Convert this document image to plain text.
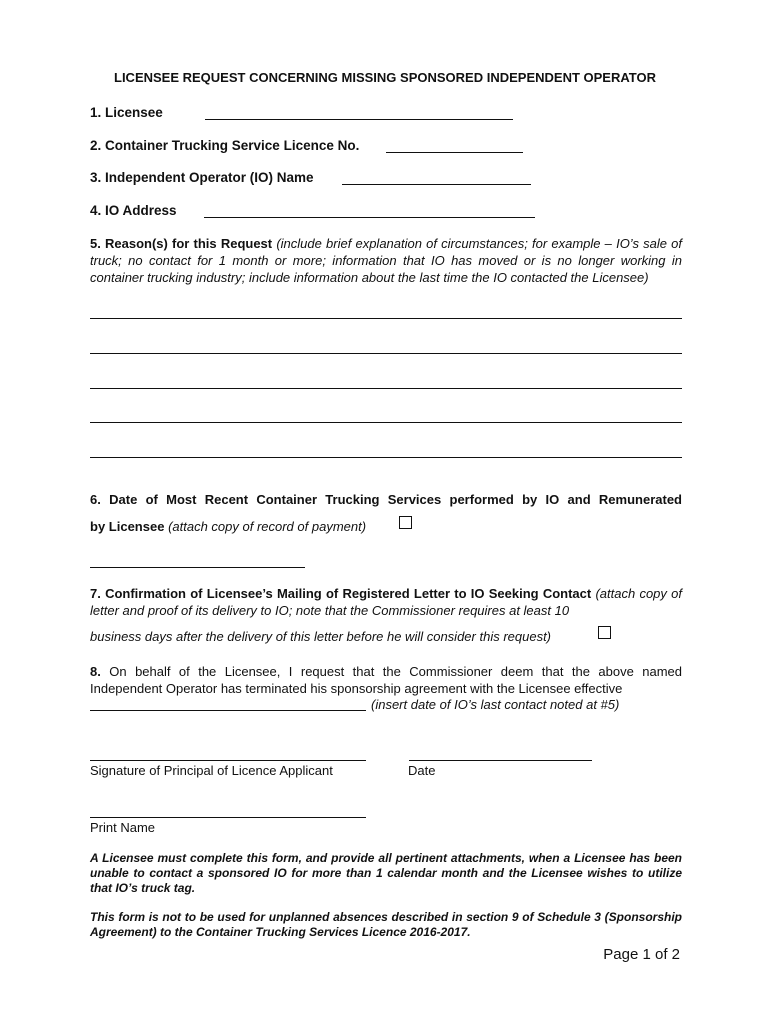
LICENSEE REQUEST CONCERNING MISSING SPONSORED INDEPENDENT OPERATOR
1. Licensee
2. Container Trucking Service Licence No.
3. Independent Operator (IO) Name
4. IO Address
5. Reason(s) for this Request (include brief explanation of circumstances; for example – IO’s sale of truck; no contact for 1 month or more; information that IO has moved or is no longer working in container trucking industry; include information about the last time the IO contacted the Licensee)
6. Date of Most Recent Container Trucking Services performed by IO and Remunerated
by Licensee (attach copy of record of payment)
7. Confirmation of Licensee’s Mailing of Registered Letter to IO Seeking Contact (attach copy of letter and proof of its delivery to IO; note that the Commissioner requires at least 10
business days after the delivery of this letter before he will consider this request)
8. On behalf of the Licensee, I request that the Commissioner deem that the above named Independent Operator has terminated his sponsorship agreement with the Licensee effective
(insert date of IO’s last contact noted at #5)
Signature of Principal of Licence Applicant	Date
Print Name
A Licensee must complete this form, and provide all pertinent attachments, when a Licensee has been unable to contact a sponsored IO for more than 1 calendar month and the Licensee wishes to utilize that IO’s truck tag.
This form is not to be used for unplanned absences described in section 9 of Schedule 3 (Sponsorship Agreement) to the Container Trucking Services Licence 2016-2017.
Page 1 of 2
